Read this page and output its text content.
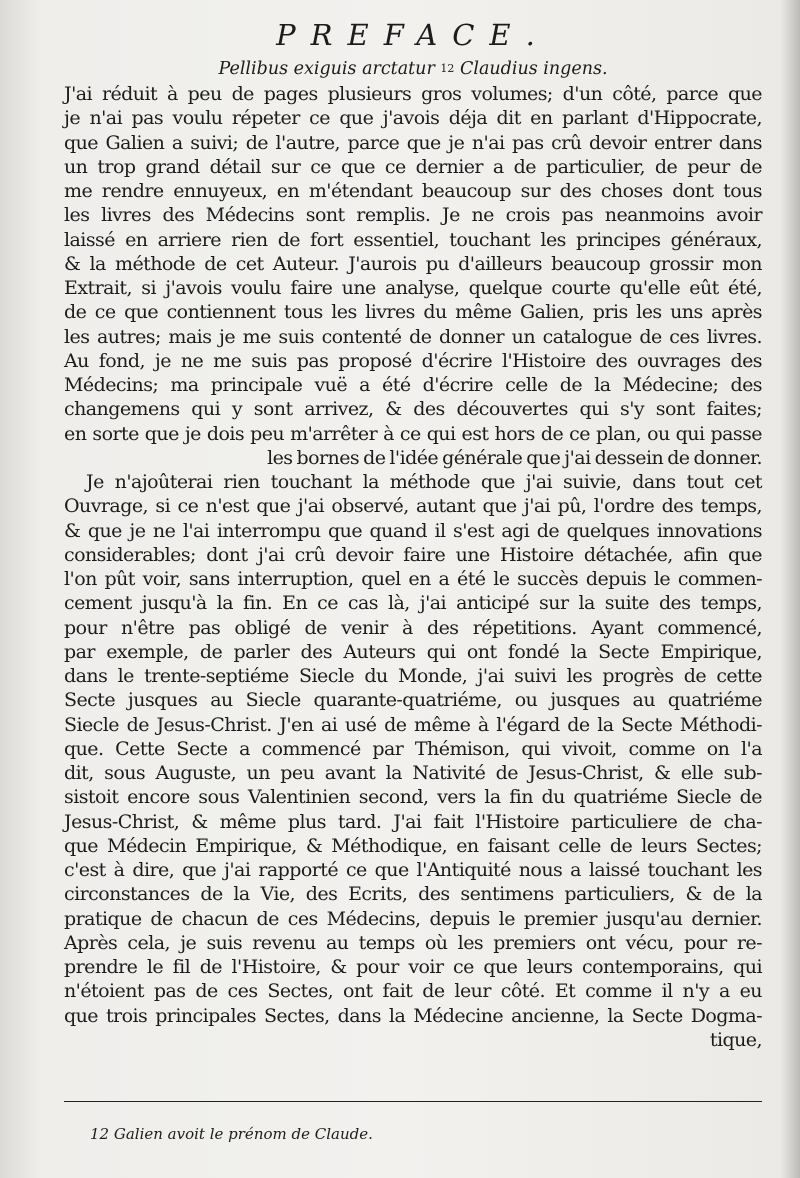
PREFACE.
Pellibus exiguis arctatur $^{12}$ Claudius ingens.
J'ai réduit à peu de pages plusieurs gros volumes; d'un côté, parce que
je n'ai pas voulu répeter ce que j'avois déja dit en parlant d'Hippocrate,
que Galien a suivi; de l'autre, parce que je n'ai pas crû devoir entrer dans
un trop grand détail sur ce que ce dernier a de particulier, de peur de
me rendre ennuyeux, en m'étendant beaucoup sur des choses dont tous
les livres des Médecins sont remplis. Je ne crois pas neanmoins avoir
laissé en arriere rien de fort essentiel, touchant les principes généraux,
& la méthode de cet Auteur. J'aurois pu d'ailleurs beaucoup grossir mon
Extrait, si j'avois voulu faire une analyse, quelque courte qu'elle eût été,
de ce que contiennent tous les livres du même Galien, pris les uns après
les autres; mais je me suis contenté de donner un catalogue de ces livres.
Au fond, je ne me suis pas proposé d'écrire l'Histoire des ouvrages des
Médecins; ma principale vuë a été d'écrire celle de la Médecine; des
changemens qui y sont arrivez, & des découvertes qui s'y sont faites;
en sorte que je dois peu m'arrêter à ce qui est hors de ce plan, ou qui passe
les bornes de l'idée générale que j'ai dessein de donner.
Je n'ajoûterai rien touchant la méthode que j'ai suivie, dans tout cet
Ouvrage, si ce n'est que j'ai observé, autant que j'ai pû, l'ordre des temps,
& que je ne l'ai interrompu que quand il s'est agi de quelques innovations
considerables; dont j'ai crû devoir faire une Histoire détachée, afin que
l'on pût voir, sans interruption, quel en a été le succès depuis le commen-
cement jusqu'à la fin. En ce cas là, j'ai anticipé sur la suite des temps,
pour n'être pas obligé de venir à des répetitions. Ayant commencé,
par exemple, de parler des Auteurs qui ont fondé la Secte Empirique,
dans le trente-septiéme Siecle du Monde, j'ai suivi les progrès de cette
Secte jusques au Siecle quarante-quatriéme, ou jusques au quatriéme
Siecle de Jesus-Christ. J'en ai usé de même à l'égard de la Secte Méthodi-
que. Cette Secte a commencé par Thémison, qui vivoit, comme on l'a
dit, sous Auguste, un peu avant la Nativité de Jesus-Christ, & elle sub-
sistoit encore sous Valentinien second, vers la fin du quatriéme Siecle de
Jesus-Christ, & même plus tard. J'ai fait l'Histoire particuliere de cha-
que Médecin Empirique, & Méthodique, en faisant celle de leurs Sectes;
c'est à dire, que j'ai rapporté ce que l'Antiquité nous a laissé touchant les
circonstances de la Vie, des Ecrits, des sentimens particuliers, & de la
pratique de chacun de ces Médecins, depuis le premier jusqu'au dernier.
Après cela, je suis revenu au temps où les premiers ont vécu, pour re-
prendre le fil de l'Histoire, & pour voir ce que leurs contemporains, qui
n'étoient pas de ces Sectes, ont fait de leur côté. Et comme il n'y a eu
que trois principales Sectes, dans la Médecine ancienne, la Secte Dogma-
tique,
12 Galien avoit le prénom de Claude.
